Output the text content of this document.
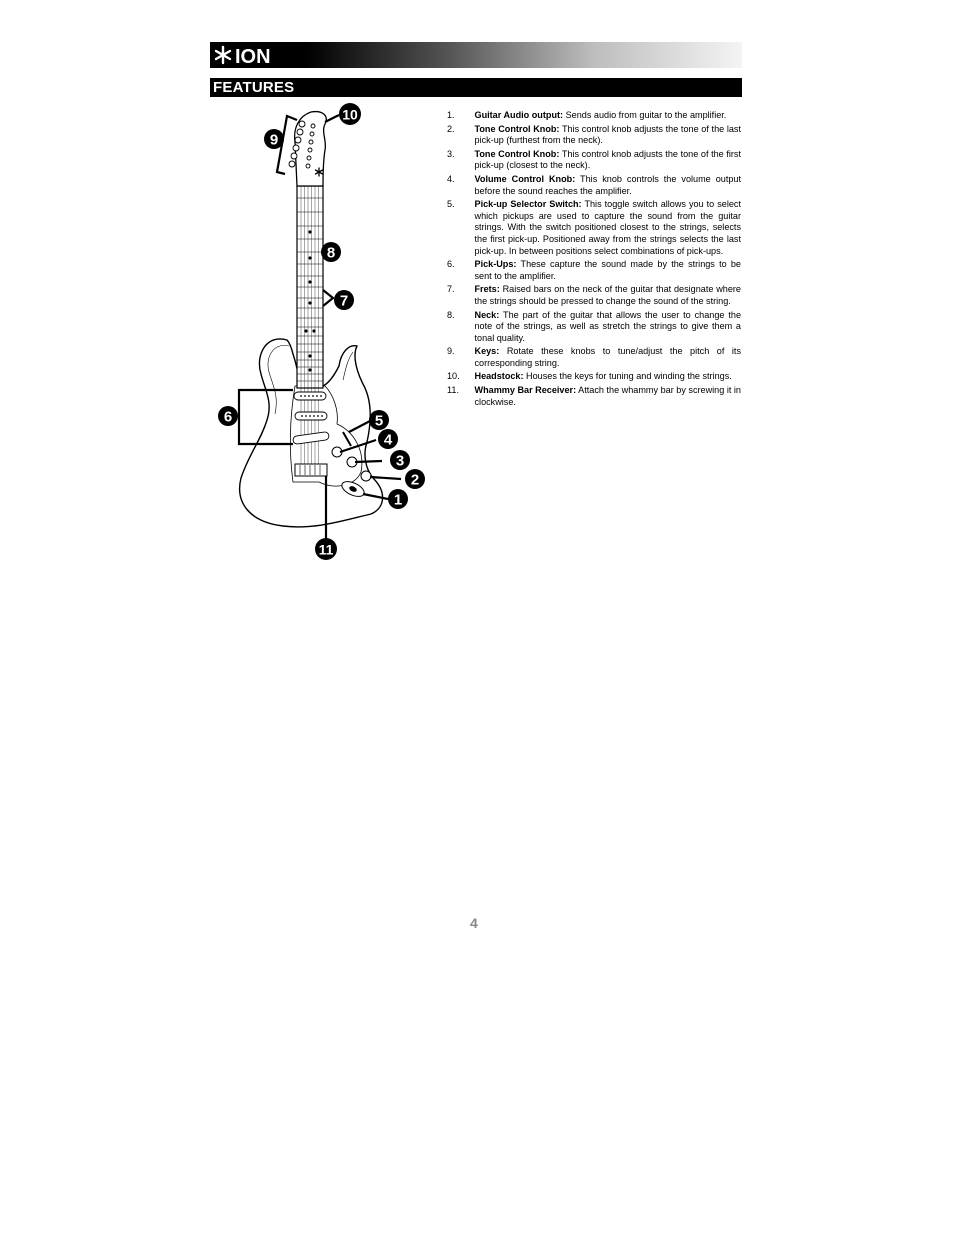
ION
FEATURES
1
2
3
4
5
6
7
8
9
10
11
1. Guitar Audio output: Sends audio from guitar to the amplifier.
2. Tone Control Knob: This control knob adjusts the tone of the last pick-up (furthest from the neck).
3. Tone Control Knob: This control knob adjusts the tone of the first pick-up (closest to the neck).
4. Volume Control Knob: This knob controls the volume output before the sound reaches the amplifier.
5. Pick-up Selector Switch: This toggle switch allows you to select which pickups are used to capture the sound from the guitar strings. With the switch positioned closest to the strings, selects the first pick-up. Positioned away from the strings selects the last pick-up. In between positions select combinations of pick-ups.
6. Pick-Ups: These capture the sound made by the strings to be sent to the amplifier.
7. Frets: Raised bars on the neck of the guitar that designate where the strings should be pressed to change the sound of the string.
8. Neck: The part of the guitar that allows the user to change the note of the strings, as well as stretch the strings to give them a tonal quality.
9. Keys: Rotate these knobs to tune/adjust the pitch of its corresponding string.
10. Headstock: Houses the keys for tuning and winding the strings.
11. Whammy Bar Receiver: Attach the whammy bar by screwing it in clockwise.
4
